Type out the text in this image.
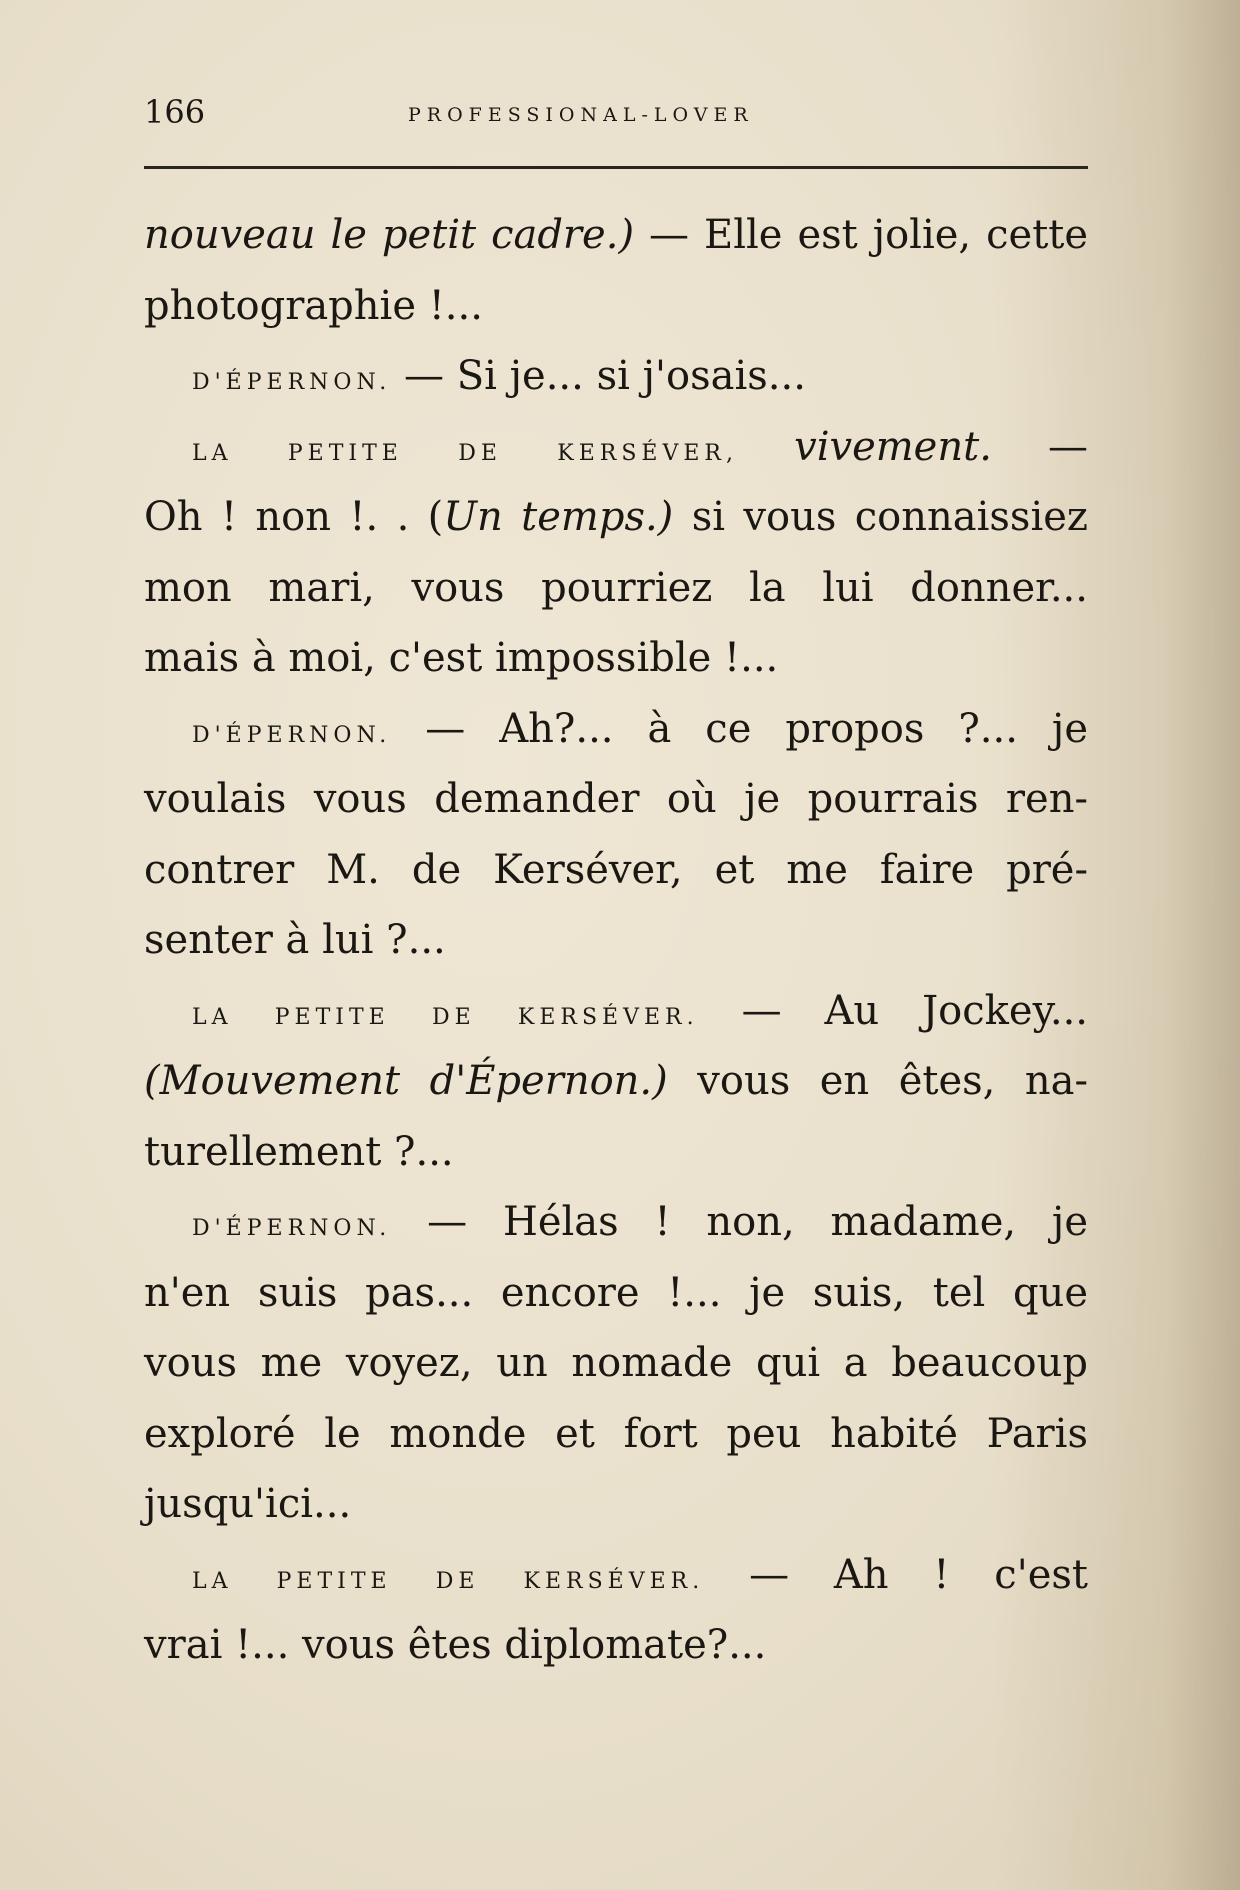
166	PROFESSIONAL-LOVER
nouveau le petit cadre.) — Elle est jolie, cette
photographie !...
D'ÉPERNON. — Si je... si j'osais...
LA PETITE DE KERSÉVER, vivement. —
Oh ! non !. . (Un temps.) si vous connaissiez
mon mari, vous pourriez la lui donner...
mais à moi, c'est impossible !...
D'ÉPERNON. — Ah?... à ce propos ?... je
voulais vous demander où je pourrais ren-
contrer M. de Kerséver, et me faire pré-
senter à lui ?...
LA PETITE DE KERSÉVER. — Au Jockey...
(Mouvement d'Épernon.) vous en êtes, na-
turellement ?...
D'ÉPERNON. — Hélas ! non, madame, je
n'en suis pas... encore !... je suis, tel que
vous me voyez, un nomade qui a beaucoup
exploré le monde et fort peu habité Paris
jusqu'ici...
LA PETITE DE KERSÉVER. — Ah ! c'est
vrai !... vous êtes diplomate?...
